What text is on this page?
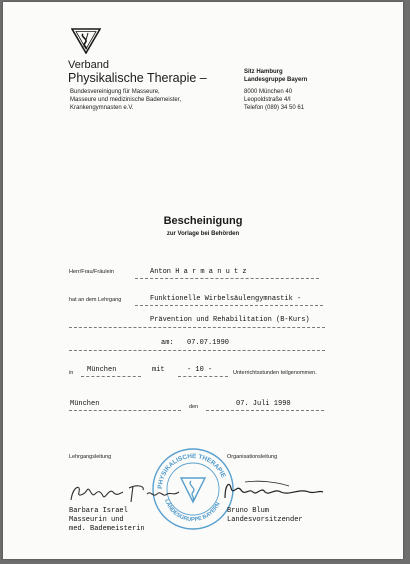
Verband
Physikalische Therapie –
Bundesvereinigung für Masseure,
Masseure und medizinische Bademeister,
Krankengymnasten e.V.
Sitz Hamburg
Landesgruppe Bayern
8000 München 40
Leopoldstraße 4/I
Telefon (089) 34 50 61
Bescheinigung
zur Vorlage bei Behörden
Herr/Frau/Fräulein	Anton H a r m a n u t z
hat an dem Lehrgang	Funktionelle Wirbelsäulengymnastik -
Prävention und Rehabilitation (B-Kurs)
am: 07.07.1990
in München	mit	- 10 -	Unterrichtsstunden teilgenommen.
München	den	07. Juli 1990
Lehrgangsleitung	Organisationsleitung
PHYSIKALISCHE THERAPIE
LANDESGRUPPE BAYERN
Barbara Israel
Masseurin und
med. Bademeisterin
Bruno Blum
Landesvorsitzender
